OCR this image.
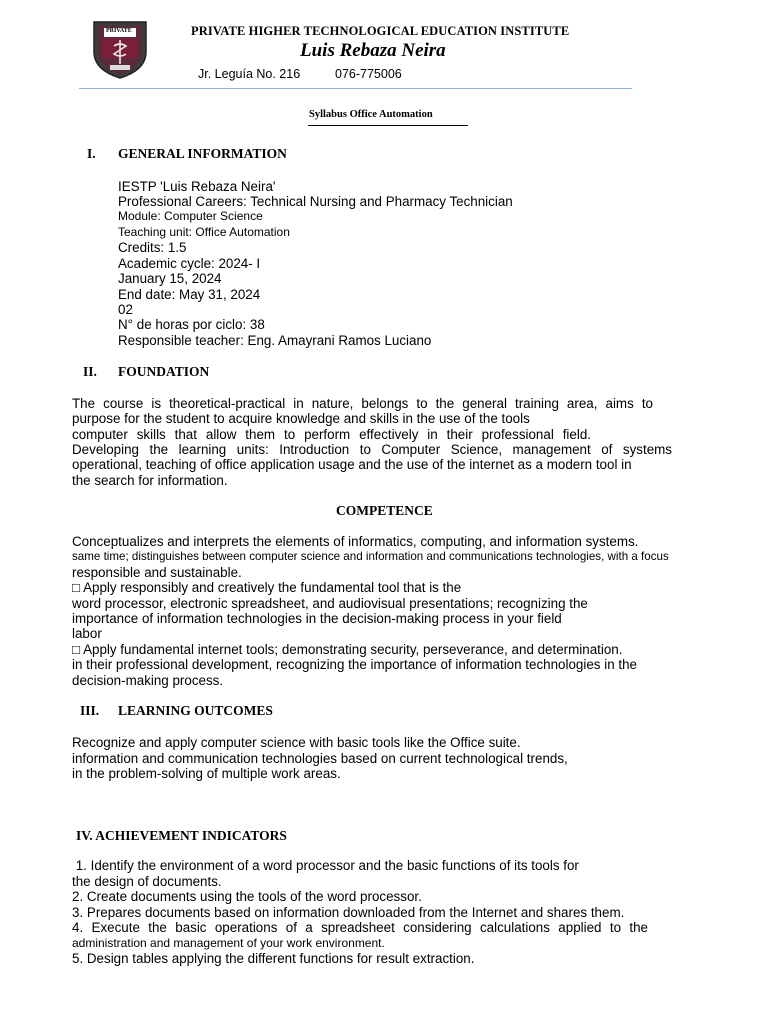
PRIVATE	PRIVATE HIGHER TECHNOLOGICAL EDUCATION INSTITUTE
Luis Rebaza Neira
Jr. Leguía No. 216	076-775006
Syllabus Office Automation
I. GENERAL INFORMATION
IESTP 'Luis Rebaza Neira'
Professional Careers: Technical Nursing and Pharmacy Technician
Module: Computer Science
Teaching unit: Office Automation
Credits: 1.5
Academic cycle: 2024- I
January 15, 2024
End date: May 31, 2024
02
N° de horas por ciclo: 38
Responsible teacher: Eng. Amayrani Ramos Luciano
II. FOUNDATION
The course is theoretical-practical in nature, belongs to the general training area, aims to
purpose for the student to acquire knowledge and skills in the use of the tools
computer skills that allow them to perform effectively in their professional field.
Developing the learning units: Introduction to Computer Science, management of systems
operational, teaching of office application usage and the use of the internet as a modern tool in
the search for information.
COMPETENCE
Conceptualizes and interprets the elements of informatics, computing, and information systems.
same time; distinguishes between computer science and information and communications technologies, with a focus
responsible and sustainable.
□ Apply responsibly and creatively the fundamental tool that is the
word processor, electronic spreadsheet, and audiovisual presentations; recognizing the
importance of information technologies in the decision-making process in your field
labor
□ Apply fundamental internet tools; demonstrating security, perseverance, and determination.
in their professional development, recognizing the importance of information technologies in the
decision-making process.
III. LEARNING OUTCOMES
Recognize and apply computer science with basic tools like the Office suite.
information and communication technologies based on current technological trends,
in the problem-solving of multiple work areas.
IV. ACHIEVEMENT INDICATORS
1. Identify the environment of a word processor and the basic functions of its tools for
the design of documents.
2. Create documents using the tools of the word processor.
3. Prepares documents based on information downloaded from the Internet and shares them.
4. Execute the basic operations of a spreadsheet considering calculations applied to the
administration and management of your work environment.
5. Design tables applying the different functions for result extraction.
